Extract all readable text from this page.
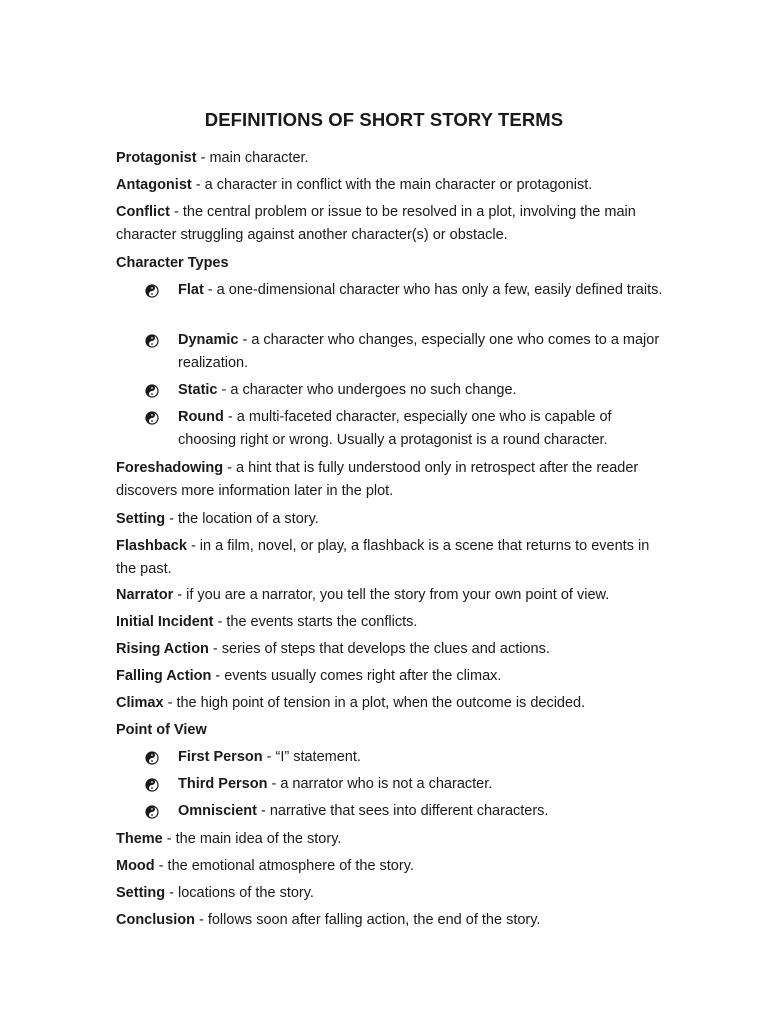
DEFINITIONS OF SHORT STORY TERMS
Protagonist - main character.
Antagonist - a character in conflict with the main character or protagonist.
Conflict - the central problem or issue to be resolved in a plot, involving the main character struggling against another character(s) or obstacle.
Character Types
Flat - a one-dimensional character who has only a few, easily defined traits.
Dynamic - a character who changes, especially one who comes to a major realization.
Static - a character who undergoes no such change.
Round - a multi-faceted character, especially one who is capable of choosing right or wrong. Usually a protagonist is a round character.
Foreshadowing - a hint that is fully understood only in retrospect after the reader discovers more information later in the plot.
Setting - the location of a story.
Flashback - in a film, novel, or play, a flashback is a scene that returns to events in the past.
Narrator - if you are a narrator, you tell the story from your own point of view.
Initial Incident - the events starts the conflicts.
Rising Action - series of steps that develops the clues and actions.
Falling Action - events usually comes right after the climax.
Climax - the high point of tension in a plot, when the outcome is decided.
Point of View
First Person - “I” statement.
Third Person - a narrator who is not a character.
Omniscient - narrative that sees into different characters.
Theme - the main idea of the story.
Mood - the emotional atmosphere of the story.
Setting - locations of the story.
Conclusion - follows soon after falling action, the end of the story.
